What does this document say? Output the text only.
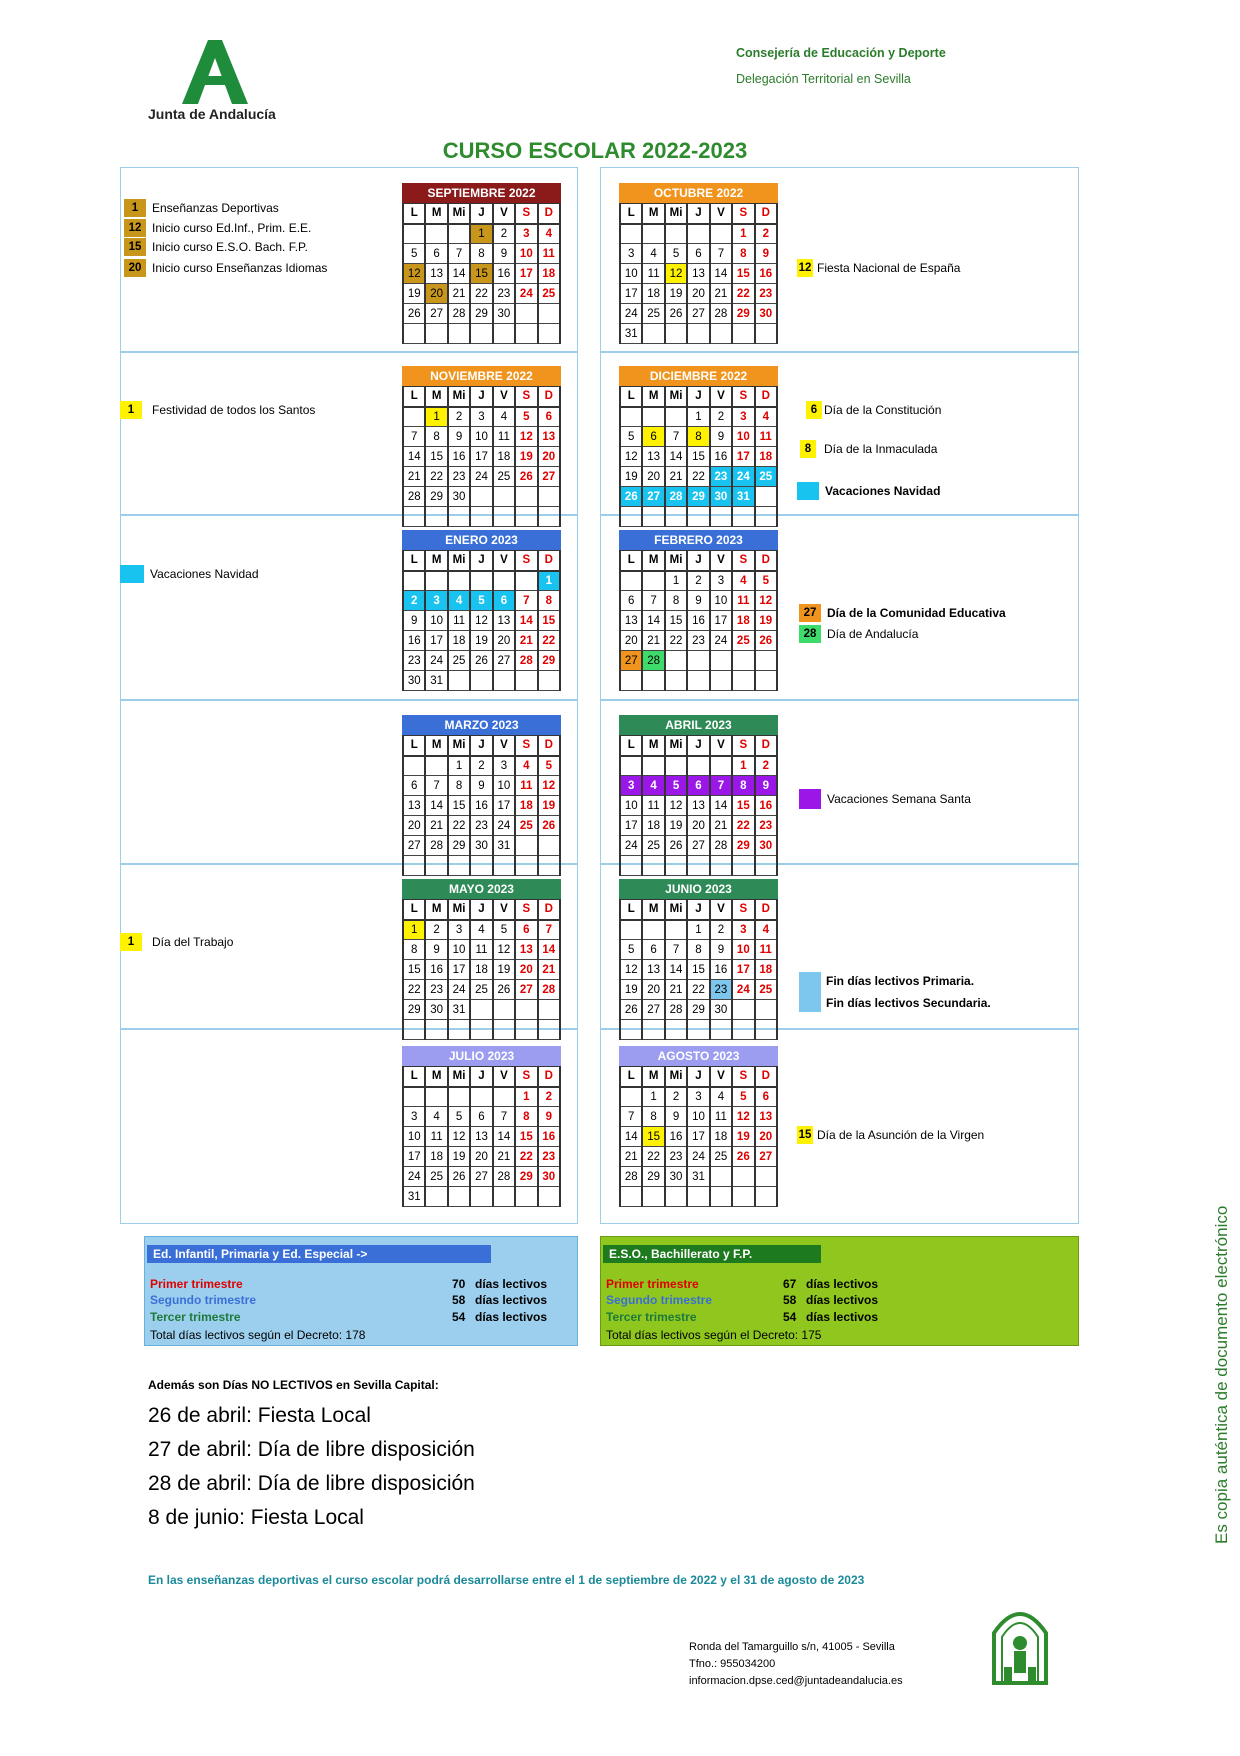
Junta de Andalucía
Consejería de Educación y Deporte
Delegación Territorial en Sevilla
CURSO ESCOLAR 2022-2023
SEPTIEMBRE 2022
L	M	Mi	J	V	S	D
			1	2	3	4
5	6	7	8	9	10	11
12	13	14	15	16	17	18
19	20	21	22	23	24	25
26	27	28	29	30		

OCTUBRE 2022
L	M	Mi	J	V	S	D
					1	2
3	4	5	6	7	8	9
10	11	12	13	14	15	16
17	18	19	20	21	22	23
24	25	26	27	28	29	30
31						
NOVIEMBRE 2022
L	M	Mi	J	V	S	D
	1	2	3	4	5	6
7	8	9	10	11	12	13
14	15	16	17	18	19	20
21	22	23	24	25	26	27
28	29	30				

DICIEMBRE 2022
L	M	Mi	J	V	S	D
			1	2	3	4
5	6	7	8	9	10	11
12	13	14	15	16	17	18
19	20	21	22	23	24	25
26	27	28	29	30	31	

ENERO 2023
L	M	Mi	J	V	S	D
						1
2	3	4	5	6	7	8
9	10	11	12	13	14	15
16	17	18	19	20	21	22
23	24	25	26	27	28	29
30	31					
FEBRERO 2023
L	M	Mi	J	V	S	D
		1	2	3	4	5
6	7	8	9	10	11	12
13	14	15	16	17	18	19
20	21	22	23	24	25	26
27	28					

MARZO 2023
L	M	Mi	J	V	S	D
		1	2	3	4	5
6	7	8	9	10	11	12
13	14	15	16	17	18	19
20	21	22	23	24	25	26
27	28	29	30	31		

ABRIL 2023
L	M	Mi	J	V	S	D
					1	2
3	4	5	6	7	8	9
10	11	12	13	14	15	16
17	18	19	20	21	22	23
24	25	26	27	28	29	30

MAYO 2023
L	M	Mi	J	V	S	D
1	2	3	4	5	6	7
8	9	10	11	12	13	14
15	16	17	18	19	20	21
22	23	24	25	26	27	28
29	30	31				

JUNIO 2023
L	M	Mi	J	V	S	D
			1	2	3	4
5	6	7	8	9	10	11
12	13	14	15	16	17	18
19	20	21	22	23	24	25
26	27	28	29	30		

JULIO 2023
L	M	Mi	J	V	S	D
					1	2
3	4	5	6	7	8	9
10	11	12	13	14	15	16
17	18	19	20	21	22	23
24	25	26	27	28	29	30
31						
AGOSTO 2023
L	M	Mi	J	V	S	D
	1	2	3	4	5	6
7	8	9	10	11	12	13
14	15	16	17	18	19	20
21	22	23	24	25	26	27
28	29	30	31			

1	Enseñanzas Deportivas
12 Inicio curso Ed.Inf., Prim. E.E.
15 Inicio curso E.S.O. Bach. F.P.
20 Inicio curso Enseñanzas Idiomas	12 Fiesta Nacional de España
1	Festividad de todos los Santos	6 Día de la Constitución
8	Día de la Inmaculada
Vacaciones Navidad
Vacaciones Navidad
27 Día de la Comunidad Educativa
28 Día de Andalucía
Vacaciones Semana Santa
1	Día del Trabajo
Fin días lectivos Primaria.
Fin días lectivos Secundaria.
15 Día de la Asunción de la Virgen
Ed. Infantil, Primaria y Ed. Especial ->
Primer trimestre	70 días lectivos
Segundo trimestre	58 días lectivos
Tercer trimestre	54 días lectivos
Total días lectivos según el Decreto: 178
E.S.O., Bachillerato y F.P.
Primer trimestre	67 días lectivos
Segundo trimestre	58 días lectivos
Tercer trimestre	54 días lectivos
Total días lectivos según el Decreto: 175
Además son Días NO LECTIVOS en Sevilla Capital:
26 de abril: Fiesta Local
27 de abril: Día de libre disposición
28 de abril: Día de libre disposición
8 de junio: Fiesta Local
En las enseñanzas deportivas el curso escolar podrá desarrollarse entre el 1 de septiembre de 2022 y el 31 de agosto de 2023
Ronda del Tamarguillo s/n, 41005 - Sevilla
Tfno.: 955034200
informacion.dpse.ced@juntadeandalucia.es
Es copia auténtica de documento electrónico
